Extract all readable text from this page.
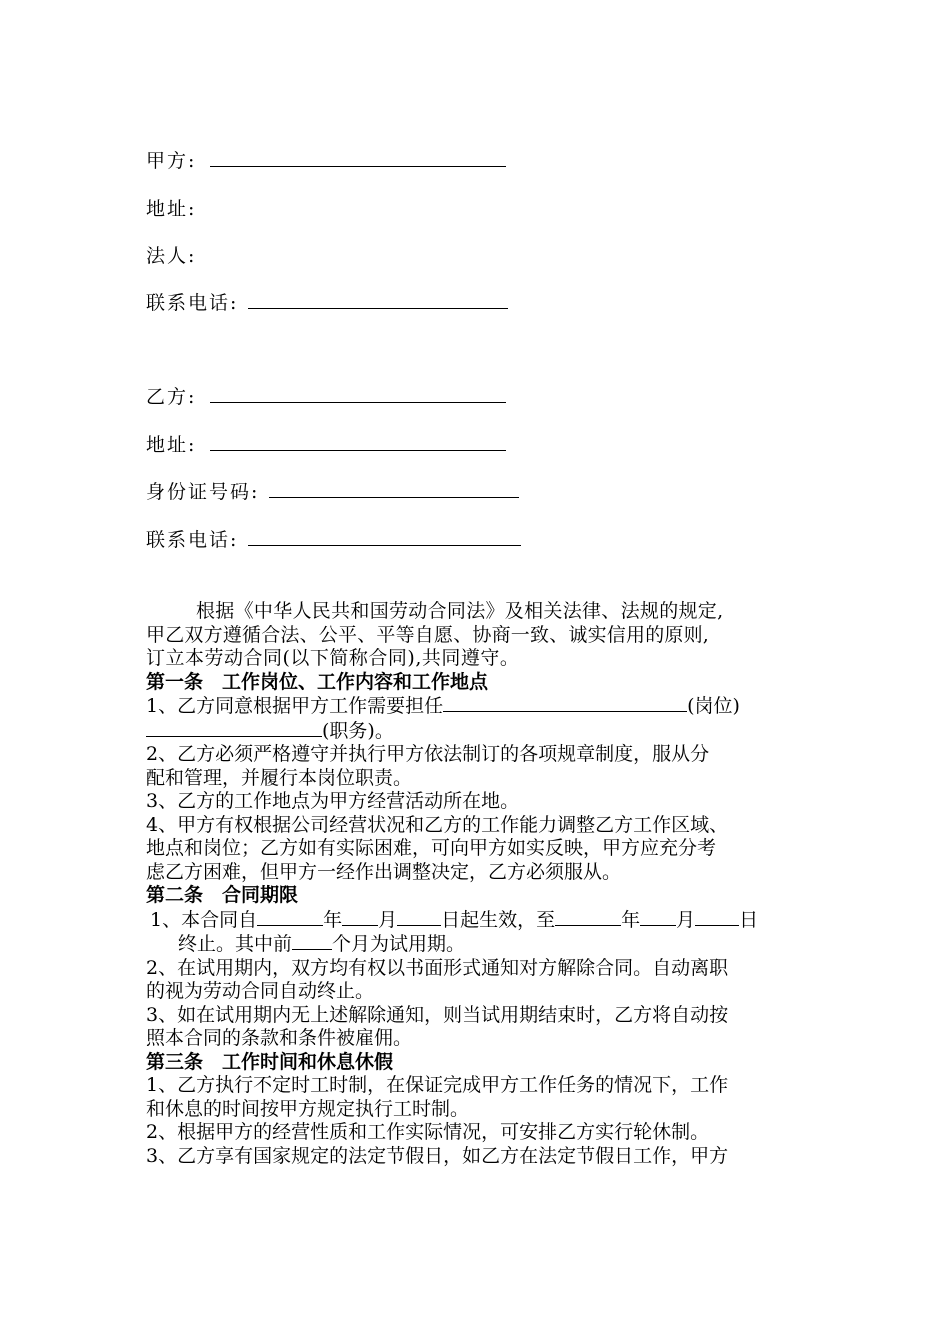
甲方:
地址:
法人:
联系电话:
乙方:
地址:
身份证号码:
联系电话:

根据《中华人民共和国劳动合同法》及相关法律、法规的规定,

甲乙双方遵循合法、公平、平等自愿、协商一致、诚实信用的原则,

订立本劳动合同(以下简称合同),共同遵守。

第一条　工作岗位、工作内容和工作地点

1、乙方同意根据甲方工作需要担任	(岗位)

(职务)。

2、乙方必须严格遵守并执行甲方依法制订的各项规章制度，服从分

配和管理，并履行本岗位职责。

3、乙方的工作地点为甲方经营活动所在地。

4、甲方有权根据公司经营状况和乙方的工作能力调整乙方工作区域、

地点和岗位；乙方如有实际困难，可向甲方如实反映，甲方应充分考

虑乙方困难，但甲方一经作出调整决定，乙方必须服从。

第二条　合同期限

1、本合同自	年 月 日起生效，至	年 月 日

终止。其中前 个月为试用期。

2、在试用期内，双方均有权以书面形式通知对方解除合同。自动离职

的视为劳动合同自动终止。

3、如在试用期内无上述解除通知，则当试用期结束时，乙方将自动按

照本合同的条款和条件被雇佣。

第三条　工作时间和休息休假

1、乙方执行不定时工时制，在保证完成甲方工作任务的情况下，工作

和休息的时间按甲方规定执行工时制。

2、根据甲方的经营性质和工作实际情况，可安排乙方实行轮休制。

3、乙方享有国家规定的法定节假日，如乙方在法定节假日工作，甲方
